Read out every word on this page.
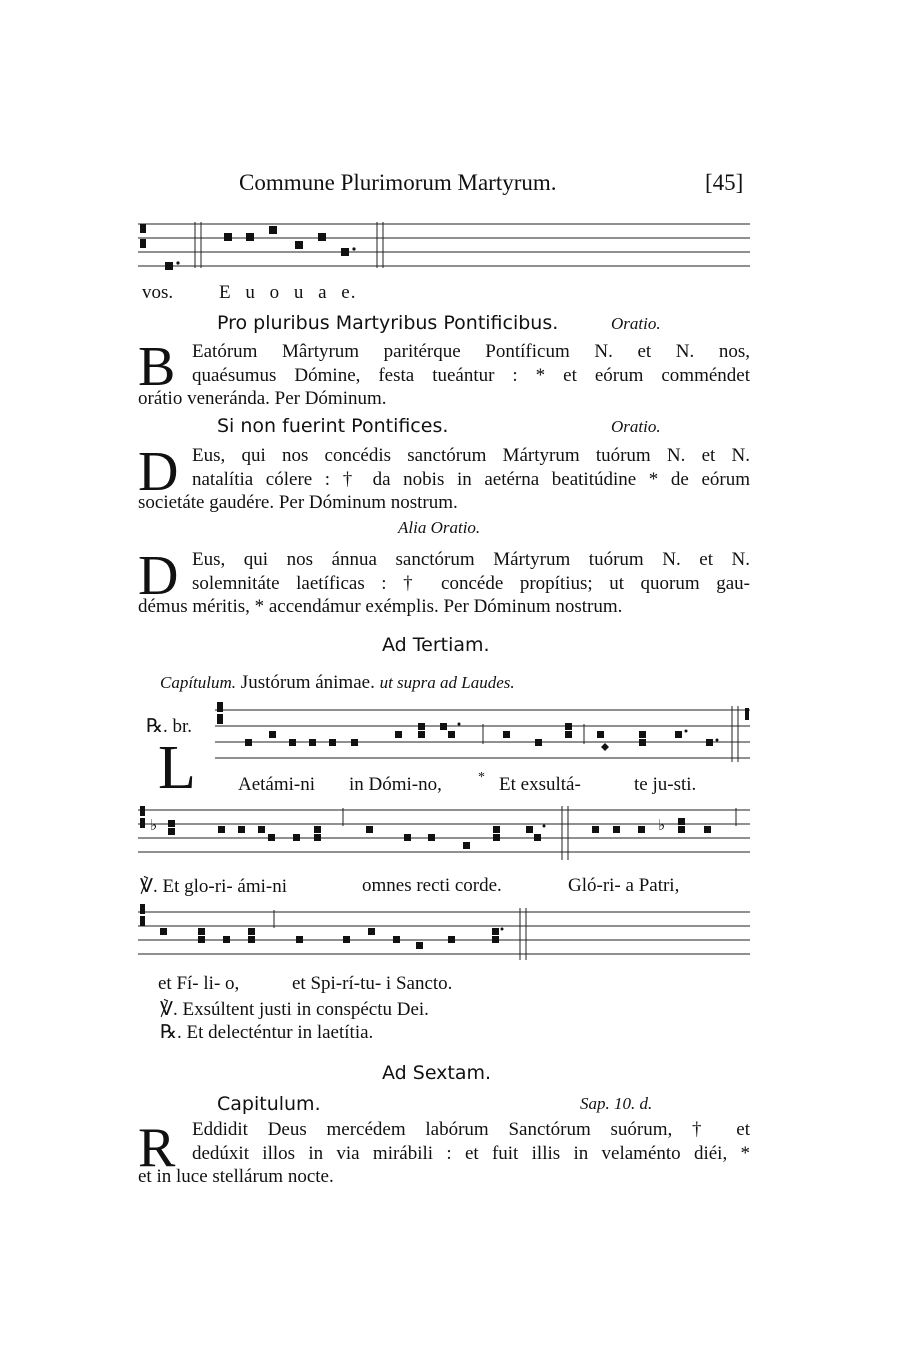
Commune Plurimorum Martyrum.	[45]
vos. E u o u a e.
Pro pluribus Martyribus Pontificibus.	Oratio.
B Eatórum Mârtyrum paritérque Pontíficum N. et N. nos,
quaésumus Dómine, festa tueántur : * et eórum comméndet
orátio veneránda. Per Dóminum.
Si non fuerint Pontifices.	Oratio.
D Eus, qui nos concédis sanctórum Mártyrum tuórum N. et N.
natalítia cólere : † da nobis in aetérna beatitúdine * de eórum
societáte gaudére. Per Dóminum nostrum.
Alia Oratio.
D Eus, qui nos ánnua sanctórum Mártyrum tuórum N. et N.
solemnitáte laetíficas : † concéde propítius; ut quorum gau-
démus méritis, * accendámur exémplis. Per Dóminum nostrum.
Ad Tertiam.
Capítulum. Justórum ánimae. ut supra ad Laudes.
℞. br.
L Aetámi-ni in Dómi-no,	* Et exsultá-	te ju-sti.
♭	♭
℣. Et glo-ri- ámi-ni	omnes recti corde.	Gló-ri- a Patri,
et Fí- li- o,	et Spi-rí-tu- i Sancto.
℣. Exsúltent justi in conspéctu Dei.
℞. Et delecténtur in laetítia.
Ad Sextam.
Capitulum.	Sap. 10. d.
R Eddidit Deus mercédem labórum Sanctórum suórum, † et
dedúxit illos in via mirábili : et fuit illis in velaménto diéi, *
et in luce stellárum nocte.
